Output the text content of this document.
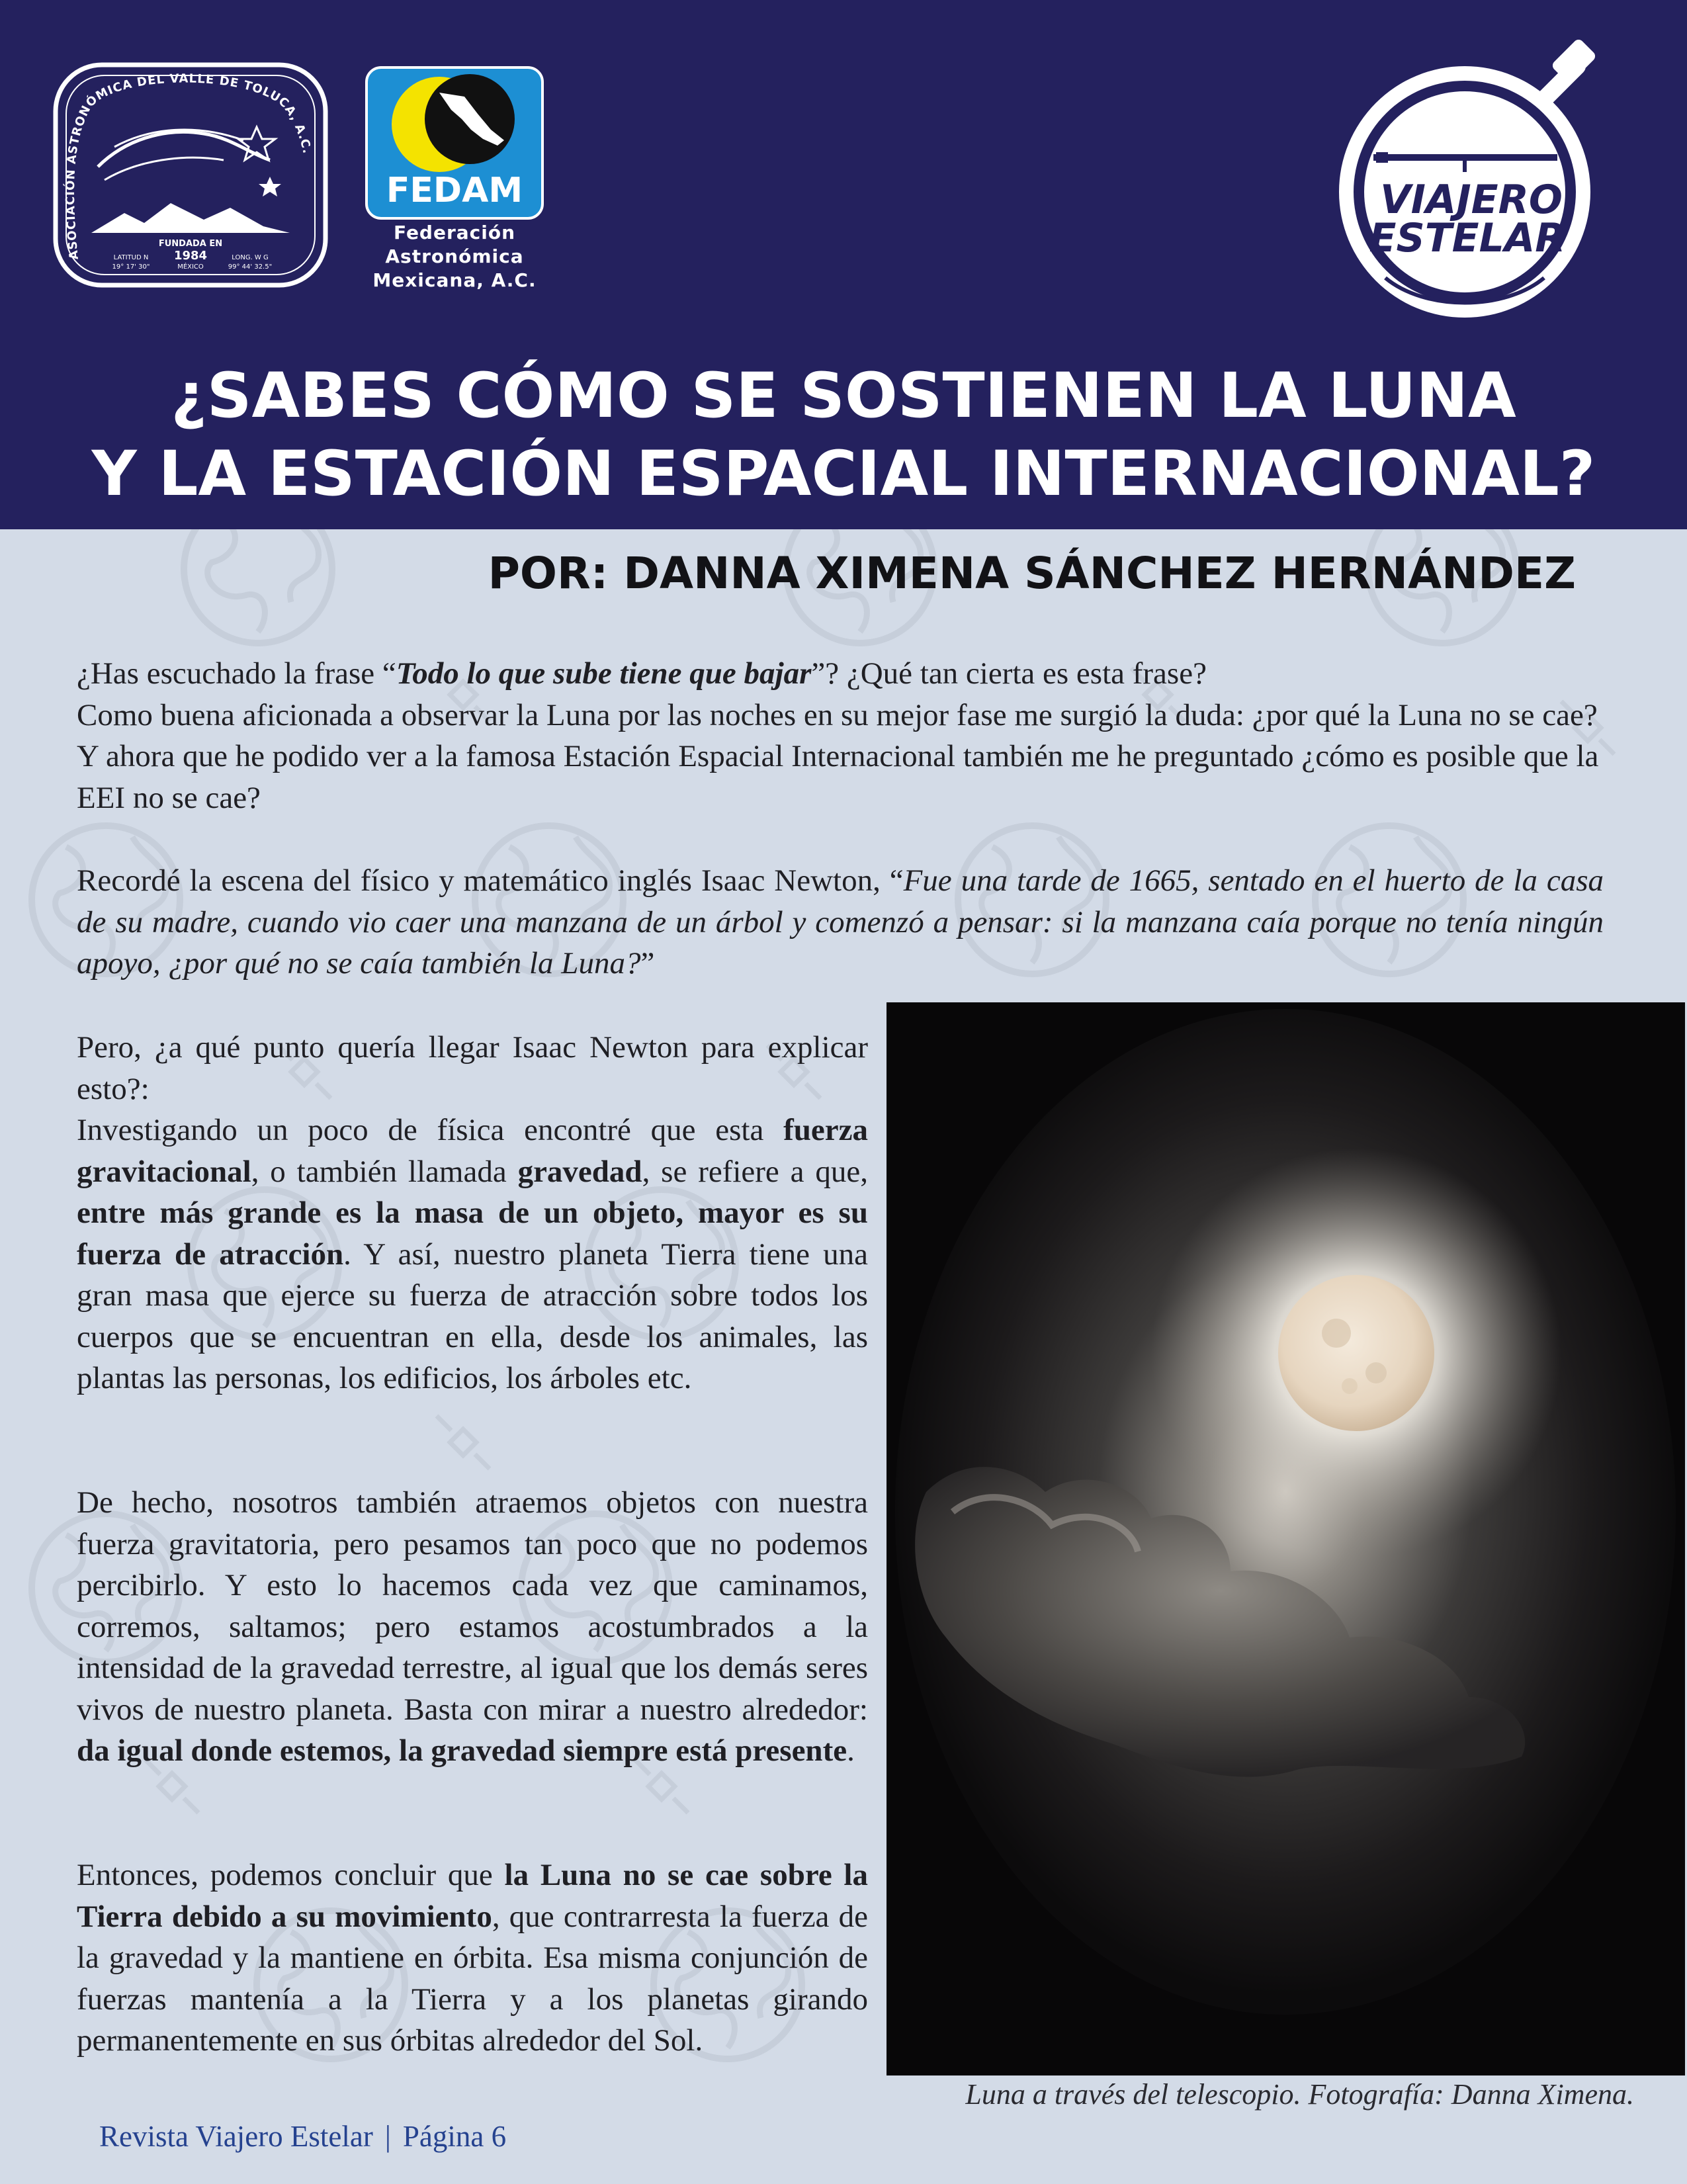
ASOCIACIÓN ASTRONÓMICA DEL VALLE DE TOLUCA, A.C.
FUNDADA EN
1984
MÉXICO
LATITUD N
19° 17' 30"
LONG. W G
99° 44' 32.5"
FEDAM
Federación
Astronómica
Mexicana, A.C.
VIAJERO
ESTELAR
¿SABES CÓMO SE SOSTIENEN LA LUNA
Y LA ESTACIÓN ESPACIAL INTERNACIONAL?
POR: DANNA XIMENA SÁNCHEZ HERNÁNDEZ

¿Has escuchado la frase “Todo lo que sube tiene que bajar”? ¿Qué tan cierta es esta frase?
Como buena aficionada a observar la Luna por las noches en su mejor fase me surgió la duda: ¿por qué la Luna no se cae? Y ahora que he podido ver a la famosa Estación Espacial Internacional también me he preguntado ¿cómo es posible que la EEI no se cae?

Recordé la escena del físico y matemático inglés Isaac Newton, “Fue una tarde de 1665, sentado en el huerto de la casa de su madre, cuando vio caer una manzana de un árbol y comenzó a pensar: si la manzana caía porque no tenía ningún apoyo, ¿por qué no se caía también la Luna?”

Pero, ¿a qué punto quería llegar Isaac Newton para explicar esto?:
Investigando un poco de física encontré que esta fuerza gravitacional, o también llamada gravedad, se refiere a que, entre más grande es la masa de un objeto, mayor es su fuerza de atracción. Y así, nuestro planeta Tierra tiene una gran masa que ejerce su fuerza de atracción sobre todos los cuerpos que se encuentran en ella, desde los animales, las plantas las personas, los edificios, los árboles etc.

De hecho, nosotros también atraemos objetos con nuestra fuerza gravitatoria, pero pesamos tan poco que no podemos percibirlo. Y esto lo hacemos cada vez que caminamos, corremos, saltamos; pero estamos acostumbrados a la intensidad de la gravedad terrestre, al igual que los demás seres vivos de nuestro planeta. Basta con mirar a nuestro alrededor: da igual donde estemos, la gravedad siempre está presente.

Entonces, podemos concluir que la Luna no se cae sobre la Tierra debido a su movimiento, que contrarresta la fuerza de la gravedad y la mantiene en órbita. Esa misma conjunción de fuerzas mantenía a la Tierra y a los planetas girando permanentemente en sus órbitas alrededor del Sol.

Luna a través del telescopio. Fotografía: Danna Ximena.
Revista Viajero Estelar | Página 6
